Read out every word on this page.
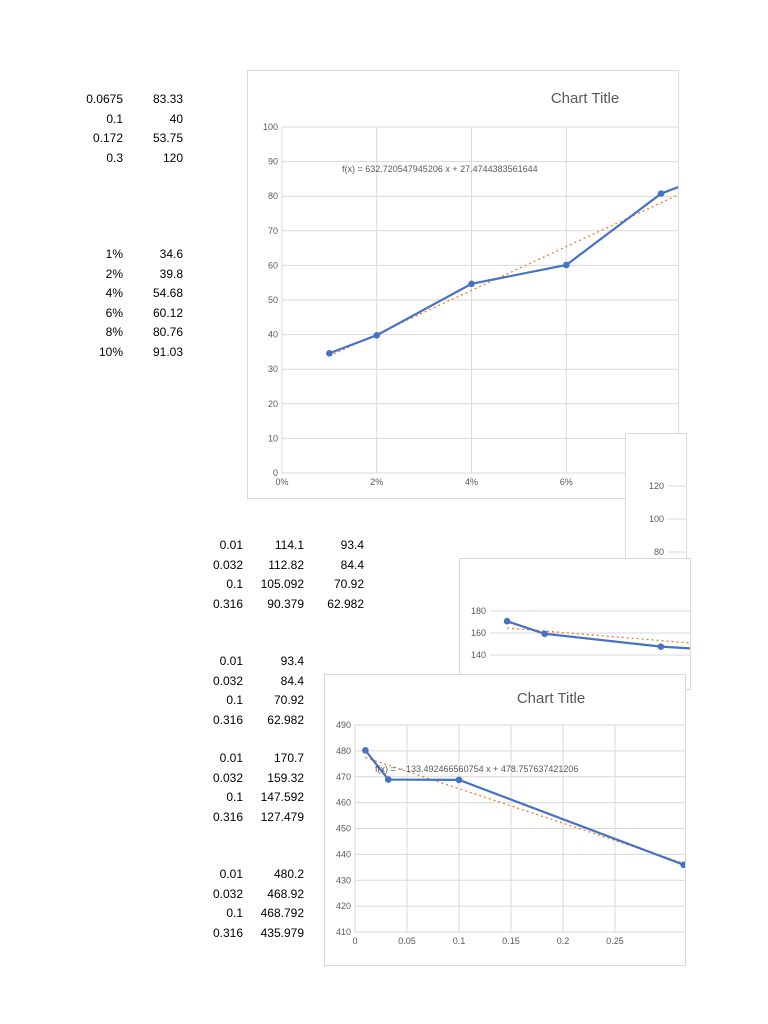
0.0675	83.33
0.1	40
0.172	53.75
0.3	120
1%	34.6
2%	39.8
4%	54.68
6%	60.12
8%	80.76
10%	91.03
0.01	114.1	93.4
0.032	112.82	84.4
0.1	105.092	70.92
0.316	90.379	62.982
0.01	93.4
0.032	84.4
0.1	70.92
0.316	62.982
0.01	170.7
0.032	159.32
0.1	147.592
0.316	127.479
0.01	480.2
0.032	468.92
0.1	468.792
0.316	435.979
0
10
20
30
40
50
60
70
80
90
100
0%	2%	4%	6%
Chart Title
f(x) = 632.720547945206 x + 27.4744383561644
80
100
120
140
160
180
410
420
430
440
450
460
470
480
490
0	0.05	0.1	0.15	0.2	0.25
Chart Title
f(x) = − 133.492466560754 x + 478.757637421206
